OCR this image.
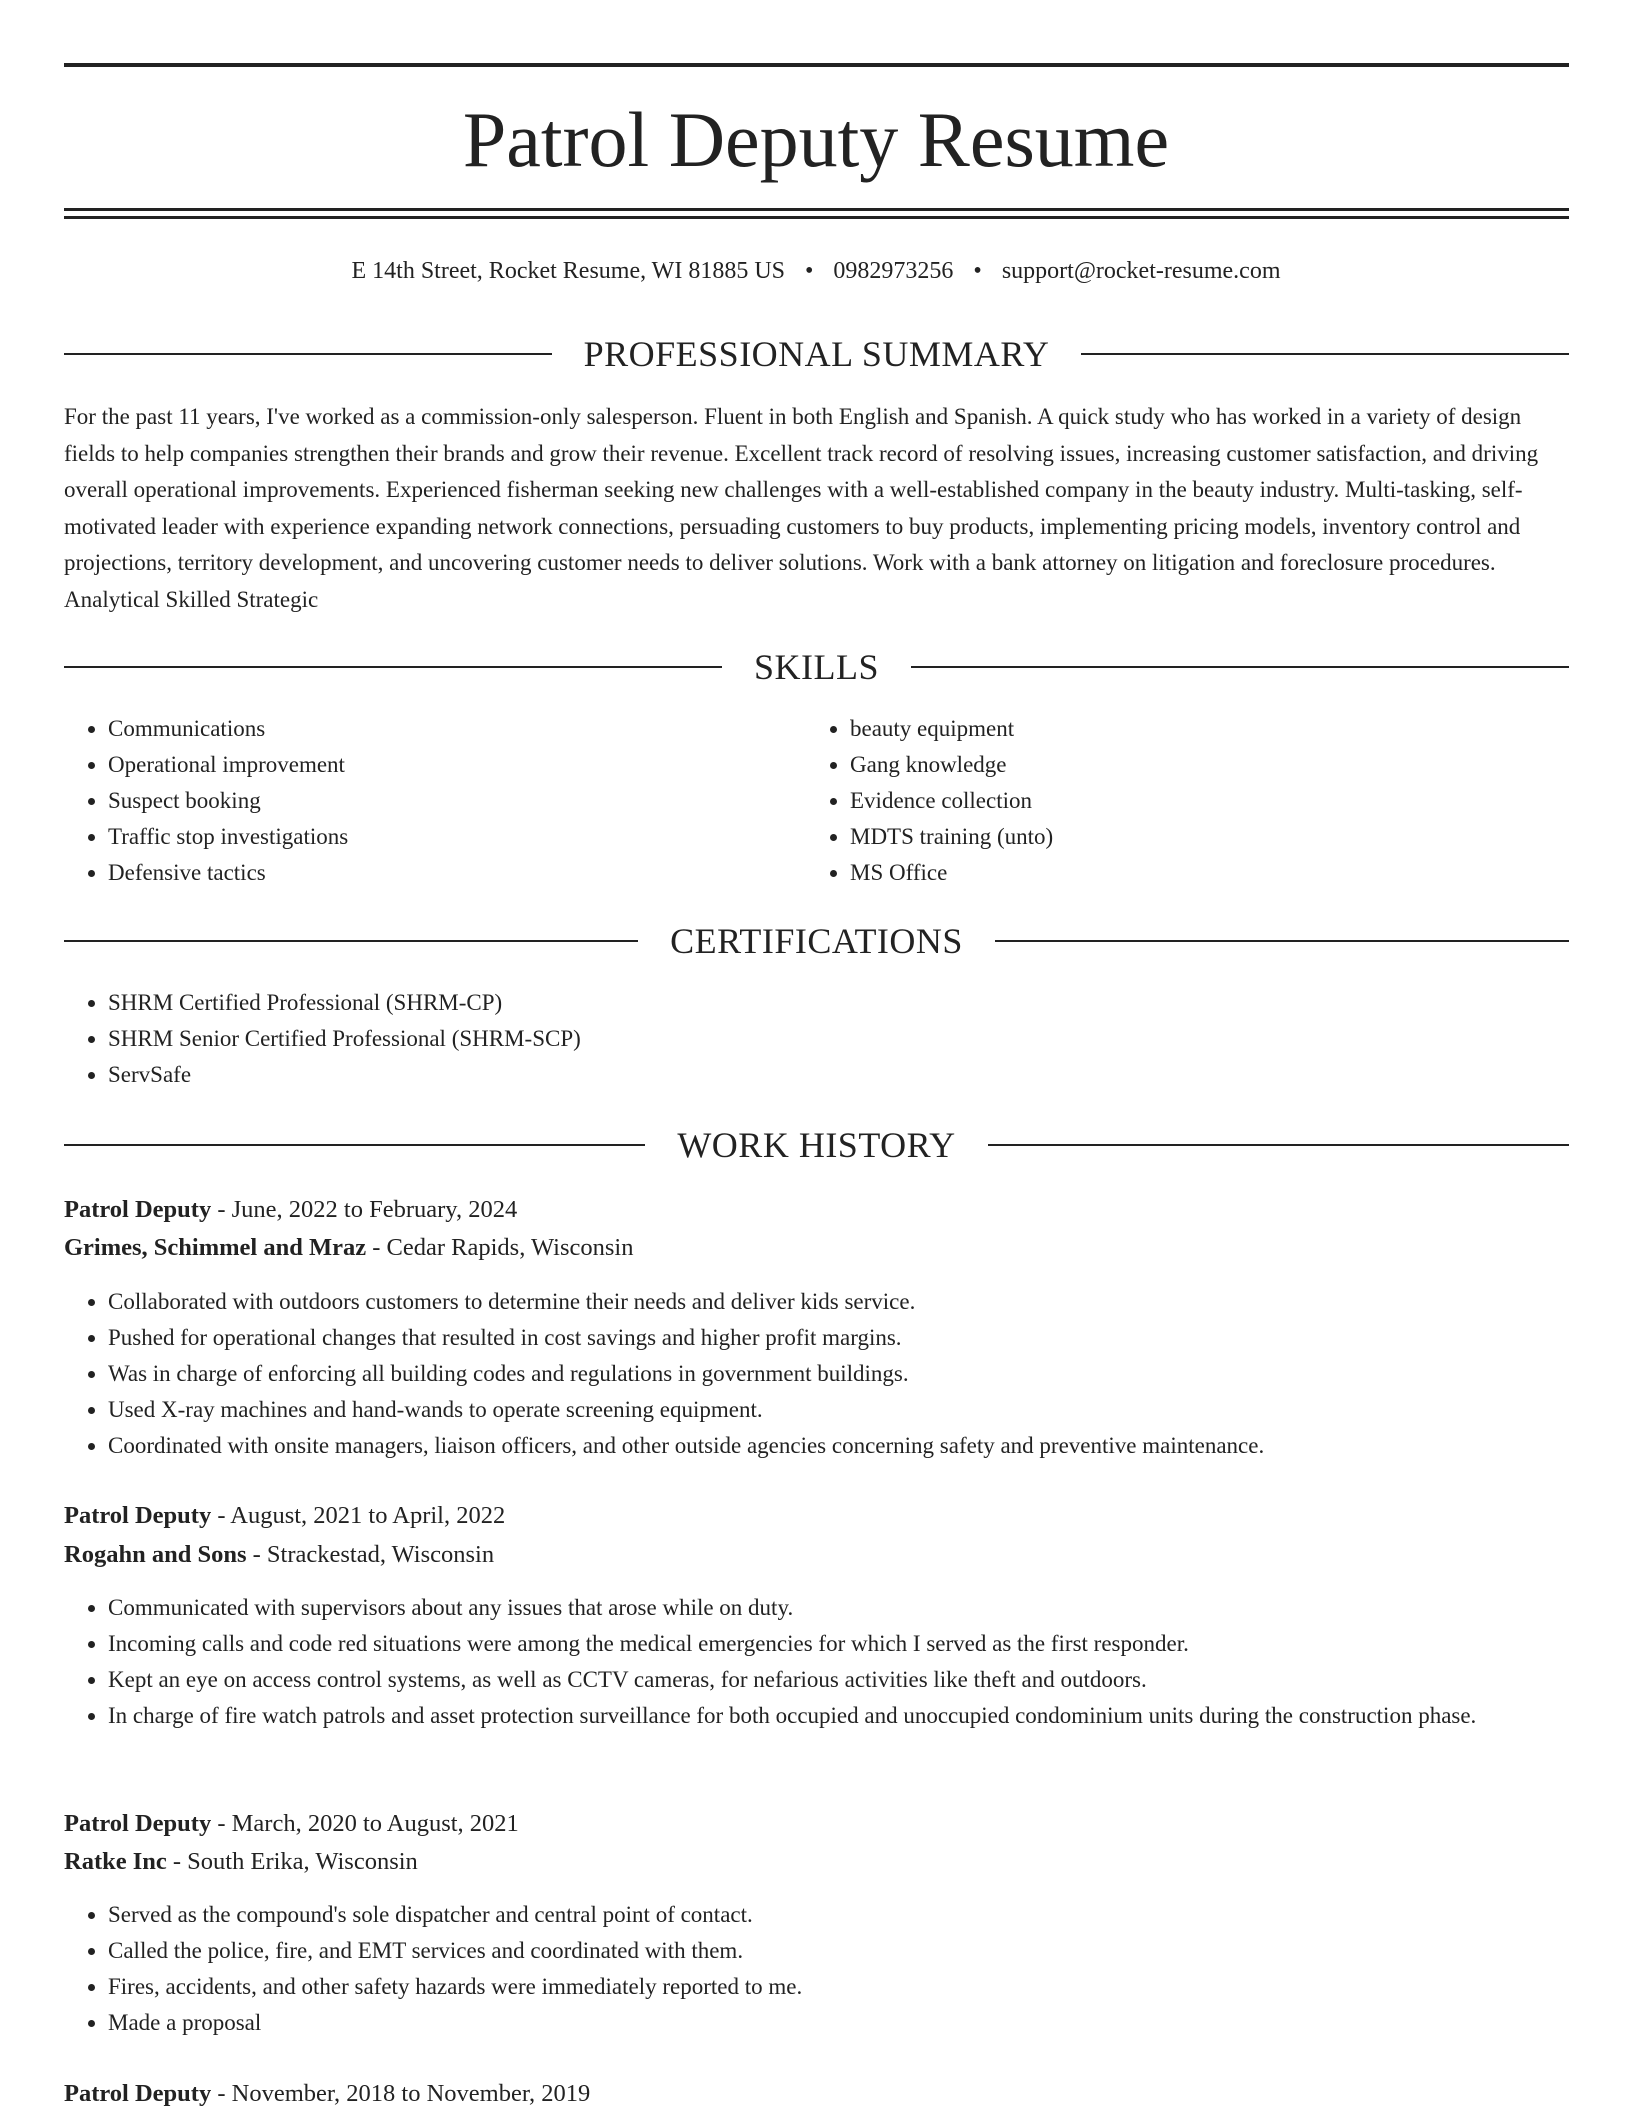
Patrol Deputy Resume
E 14th Street, Rocket Resume, WI 81885 US • 0982973256 • support@rocket-resume.com
PROFESSIONAL SUMMARY

For the past 11 years, I've worked as a commission-only salesperson. Fluent in both English and Spanish. A quick study who has worked in a variety of design fields to help companies strengthen their brands and grow their revenue. Excellent track record of resolving issues, increasing customer satisfaction, and driving overall operational improvements. Experienced fisherman seeking new challenges with a well-established company in the beauty industry. Multi-tasking, self-motivated leader with experience expanding network connections, persuading customers to buy products, implementing pricing models, inventory control and projections, territory development, and uncovering customer needs to deliver solutions. Work with a bank attorney on litigation and foreclosure procedures. Analytical Skilled Strategic

SKILLS
• Communications
• Operational improvement
• Suspect booking
• Traffic stop investigations
• Defensive tactics
• beauty equipment
• Gang knowledge
• Evidence collection
• MDTS training (unto)
• MS Office
CERTIFICATIONS
• SHRM Certified Professional (SHRM-CP)
• SHRM Senior Certified Professional (SHRM-SCP)
• ServSafe
WORK HISTORY
Patrol Deputy - June, 2022 to February, 2024
Grimes, Schimmel and Mraz - Cedar Rapids, Wisconsin
• Collaborated with outdoors customers to determine their needs and deliver kids service.
• Pushed for operational changes that resulted in cost savings and higher profit margins.
• Was in charge of enforcing all building codes and regulations in government buildings.
• Used X-ray machines and hand-wands to operate screening equipment.
• Coordinated with onsite managers, liaison officers, and other outside agencies concerning safety and preventive maintenance.
Patrol Deputy - August, 2021 to April, 2022
Rogahn and Sons - Strackestad, Wisconsin
• Communicated with supervisors about any issues that arose while on duty.
• Incoming calls and code red situations were among the medical emergencies for which I served as the first responder.
• Kept an eye on access control systems, as well as CCTV cameras, for nefarious activities like theft and outdoors.
• In charge of fire watch patrols and asset protection surveillance for both occupied and unoccupied condominium units during the construction phase.
Patrol Deputy - March, 2020 to August, 2021
Ratke Inc - South Erika, Wisconsin
• Served as the compound's sole dispatcher and central point of contact.
• Called the police, fire, and EMT services and coordinated with them.
• Fires, accidents, and other safety hazards were immediately reported to me.
• Made a proposal
Patrol Deputy - November, 2018 to November, 2019
